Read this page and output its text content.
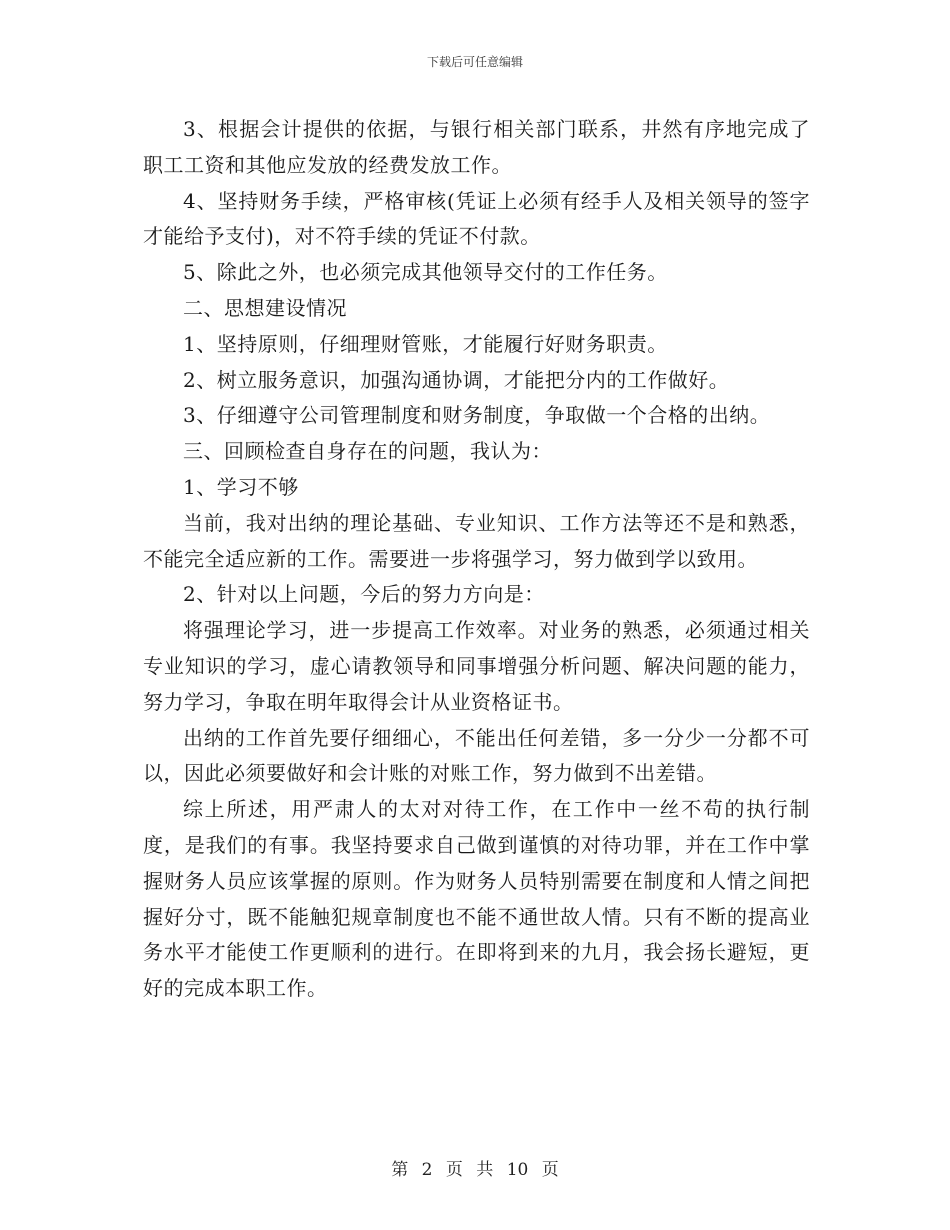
下载后可任意编辑

3、根据会计提供的依据，与银行相关部门联系，井然有序地完成了职工工资和其他应发放的经费发放工作。

4、坚持财务手续，严格审核(凭证上必须有经手人及相关领导的签字才能给予支付)，对不符手续的凭证不付款。

5、除此之外，也必须完成其他领导交付的工作任务。

二、思想建设情况

1、坚持原则，仔细理财管账，才能履行好财务职责。

2、树立服务意识，加强沟通协调，才能把分内的工作做好。

3、仔细遵守公司管理制度和财务制度，争取做一个合格的出纳。

三、回顾检查自身存在的问题，我认为：

1、学习不够

当前，我对出纳的理论基础、专业知识、工作方法等还不是和熟悉，不能完全适应新的工作。需要进一步将强学习，努力做到学以致用。

2、针对以上问题，今后的努力方向是：

将强理论学习，进一步提高工作效率。对业务的熟悉，必须通过相关专业知识的学习，虚心请教领导和同事增强分析问题、解决问题的能力，努力学习，争取在明年取得会计从业资格证书。

出纳的工作首先要仔细细心，不能出任何差错，多一分少一分都不可以，因此必须要做好和会计账的对账工作，努力做到不出差错。

综上所述，用严肃人的太对对待工作，在工作中一丝不苟的执行制度，是我们的有事。我坚持要求自己做到谨慎的对待功罪，并在工作中掌握财务人员应该掌握的原则。作为财务人员特别需要在制度和人情之间把握好分寸，既不能触犯规章制度也不能不通世故人情。只有不断的提高业务水平才能使工作更顺利的进行。在即将到来的九月，我会扬长避短，更好的完成本职工作。

第 2 页 共 10 页
